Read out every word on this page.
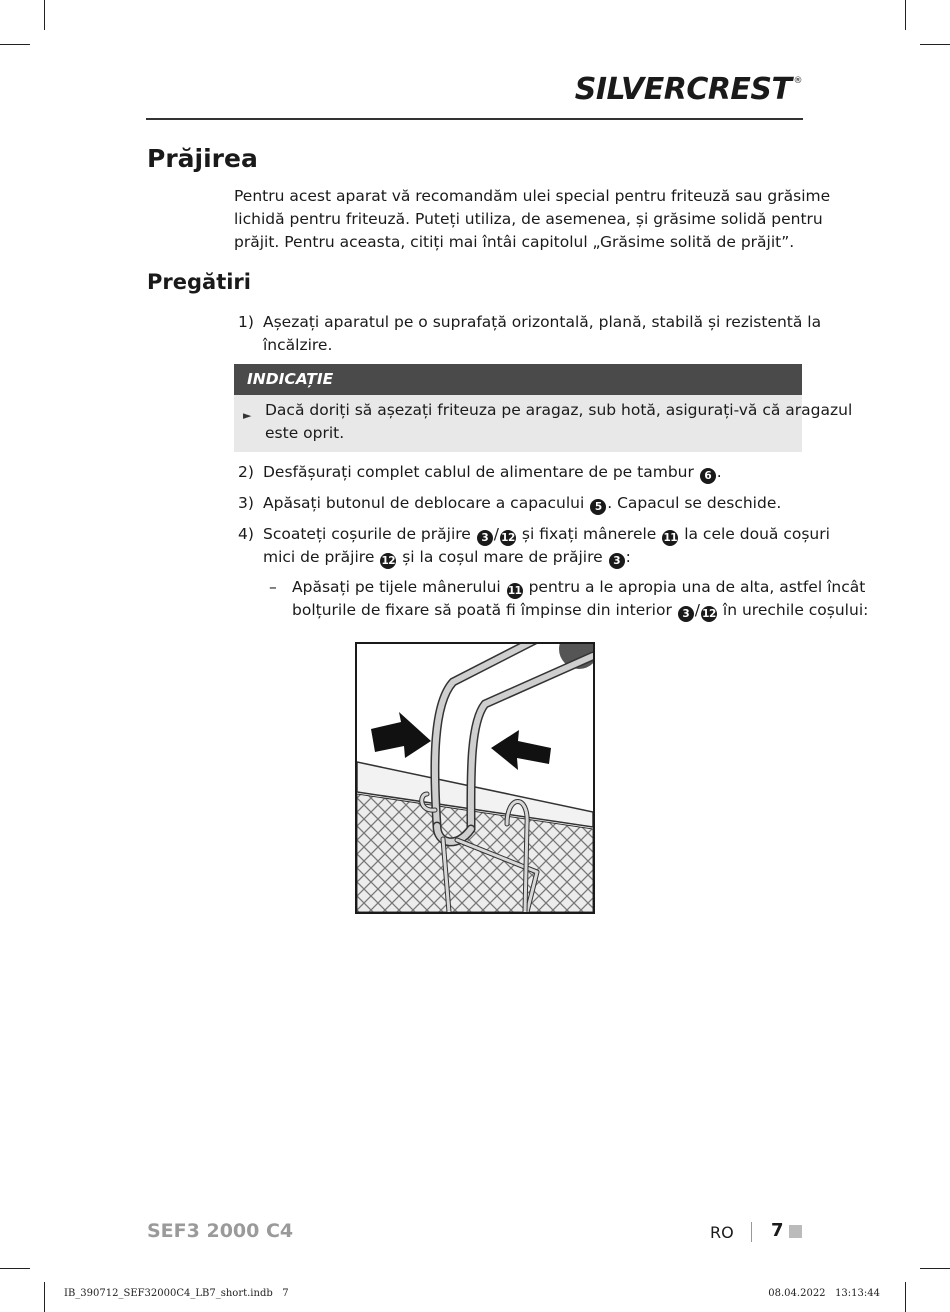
SILVERCREST ®
Prăjirea
Pentru acest aparat vă recomandăm ulei special pentru friteuză sau grăsime
lichidă pentru friteuză. Puteți utiliza, de asemenea, și grăsime solidă pentru
prăjit. Pentru aceasta, citiți mai întâi capitolul „Grăsime solită de prăjit”.
Pregătiri
1) Așezați aparatul pe o suprafață orizontală, plană, stabilă și rezistentă la
încălzire.
INDICAȚIE
► Dacă doriți să așezați friteuza pe aragaz, sub hotă, asigurați-vă că aragazul
este oprit.
2) Desfășurați complet cablul de alimentare de pe tambur 6 .
3) Apăsați butonul de deblocare a capacului 5 . Capacul se deschide.
4) Scoateți coșurile de prăjire 3 / 12 și fixați mânerele 11 la cele două coșuri
mici de prăjire 12 și la coșul mare de prăjire 3 :
– Apăsați pe tijele mânerului 11 pentru a le apropia una de alta, astfel încât
bolțurile de fixare să poată fi împinse din interior 3 / 12 în urechile coșului:
SEF3 2000 C4	RO 7
IB_390712_SEF32000C4_LB7_short.indb   7	08.04.2022   13:13:44
